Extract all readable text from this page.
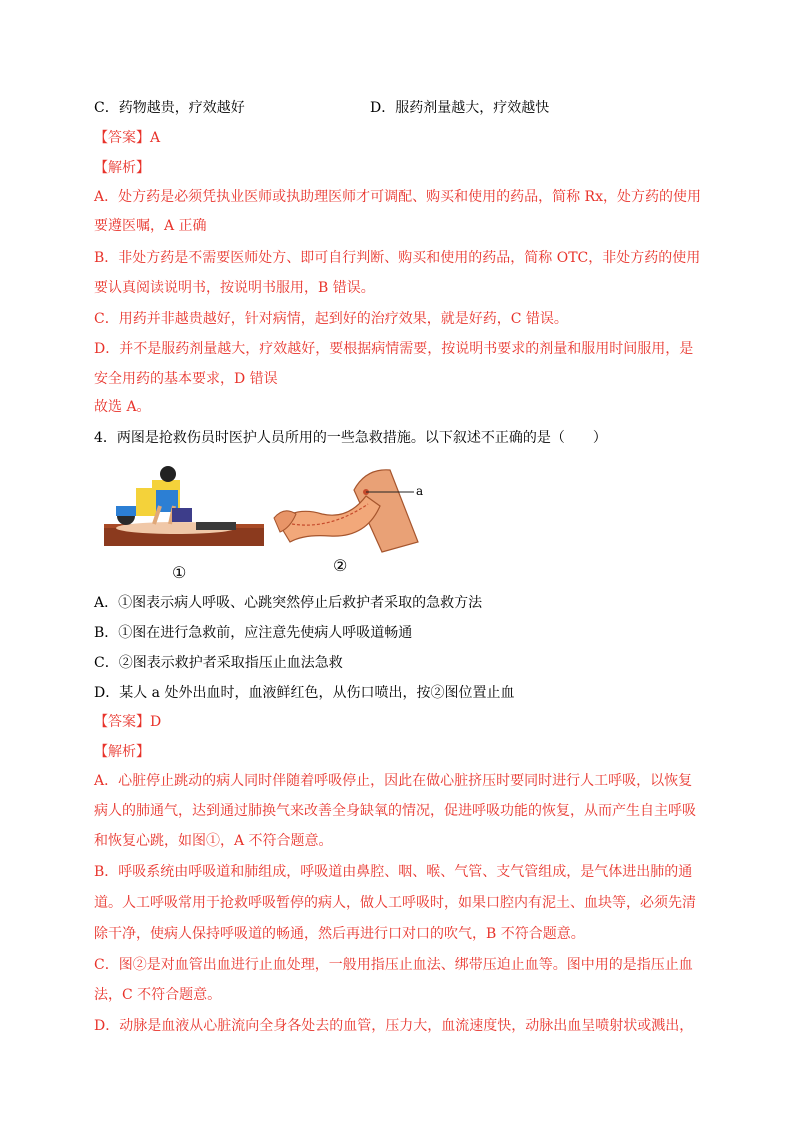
C．药物越贵，疗效越好	D．服药剂量越大，疗效越快
【答案】A
【解析】
A．处方药是必须凭执业医师或执助理医师才可调配、购买和使用的药品，简称 Rx，处方药的使用
要遵医嘱，A 正确
B．非处方药是不需要医师处方、即可自行判断、购买和使用的药品，简称 OTC，非处方药的使用
要认真阅读说明书，按说明书服用，B 错误。
C．用药并非越贵越好，针对病情，起到好的治疗效果，就是好药，C 错误。
D．并不是服药剂量越大，疗效越好，要根据病情需要，按说明书要求的剂量和服用时间服用，是
安全用药的基本要求，D 错误
故选 A。
4．两图是抢救伤员时医护人员所用的一些急救措施。以下叙述不正确的是（　　）
①
a
②
A．①图表示病人呼吸、心跳突然停止后救护者采取的急救方法
B．①图在进行急救前，应注意先使病人呼吸道畅通
C．②图表示救护者采取指压止血法急救
D．某人 a 处外出血时，血液鲜红色，从伤口喷出，按②图位置止血
【答案】D
【解析】
A．心脏停止跳动的病人同时伴随着呼吸停止，因此在做心脏挤压时要同时进行人工呼吸，以恢复
病人的肺通气，达到通过肺换气来改善全身缺氧的情况，促进呼吸功能的恢复，从而产生自主呼吸
和恢复心跳，如图①，A 不符合题意。
B．呼吸系统由呼吸道和肺组成，呼吸道由鼻腔、咽、喉、气管、支气管组成，是气体进出肺的通
道。人工呼吸常用于抢救呼吸暂停的病人，做人工呼吸时，如果口腔内有泥土、血块等，必须先清
除干净，使病人保持呼吸道的畅通，然后再进行口对口的吹气，B 不符合题意。
C．图②是对血管出血进行止血处理，一般用指压止血法、绑带压迫止血等。图中用的是指压止血
法，C 不符合题意。
D．动脉是血液从心脏流向全身各处去的血管，压力大，血流速度快，动脉出血呈喷射状或溅出，
